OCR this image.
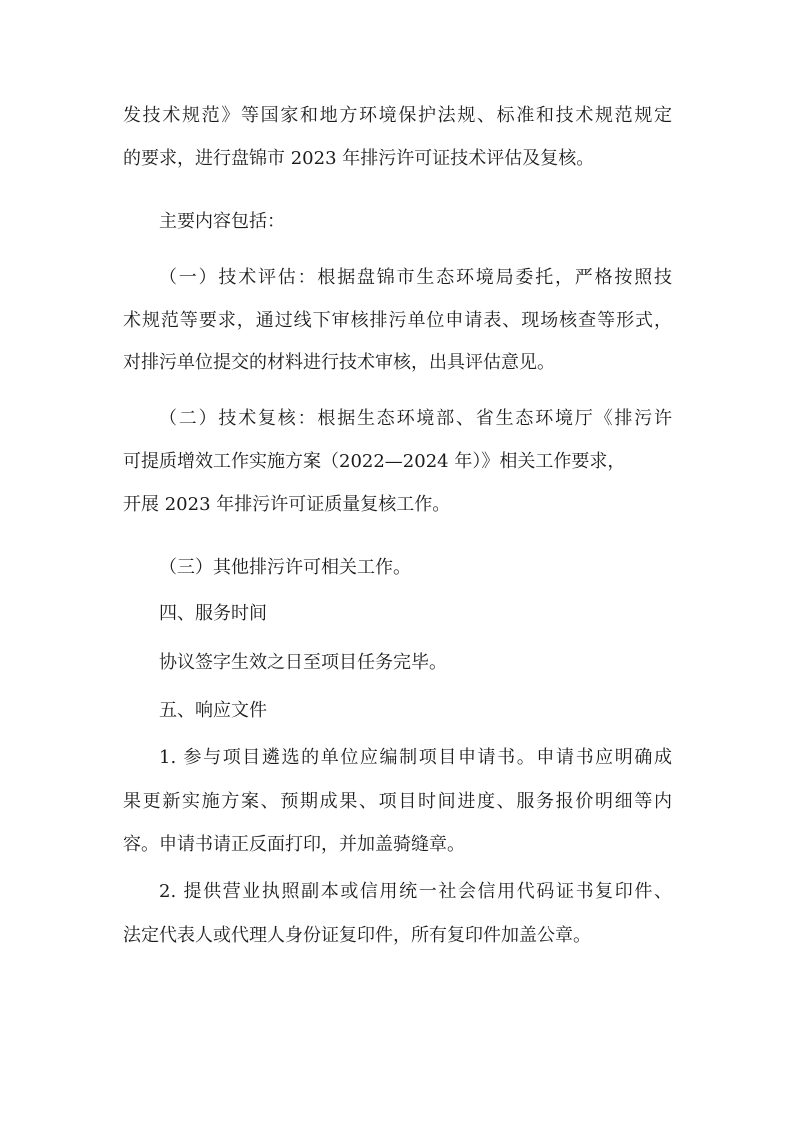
发技术规范》等国家和地方环境保护法规、标准和技术规范规定
的要求，进行盘锦市 2023 年排污许可证技术评估及复核。
主要内容包括：
（一）技术评估：根据盘锦市生态环境局委托，严格按照技
术规范等要求，通过线下审核排污单位申请表、现场核查等形式，
对排污单位提交的材料进行技术审核，出具评估意见。
（二）技术复核：根据生态环境部、省生态环境厅《排污许
可提质增效工作实施方案（2022—2024 年）》相关工作要求，
开展 2023 年排污许可证质量复核工作。
（三）其他排污许可相关工作。
四、服务时间
协议签字生效之日至项目任务完毕。
五、响应文件
1. 参与项目遴选的单位应编制项目申请书。申请书应明确成
果更新实施方案、预期成果、项目时间进度、服务报价明细等内
容。申请书请正反面打印，并加盖骑缝章。
2. 提供营业执照副本或信用统一社会信用代码证书复印件、
法定代表人或代理人身份证复印件，所有复印件加盖公章。
